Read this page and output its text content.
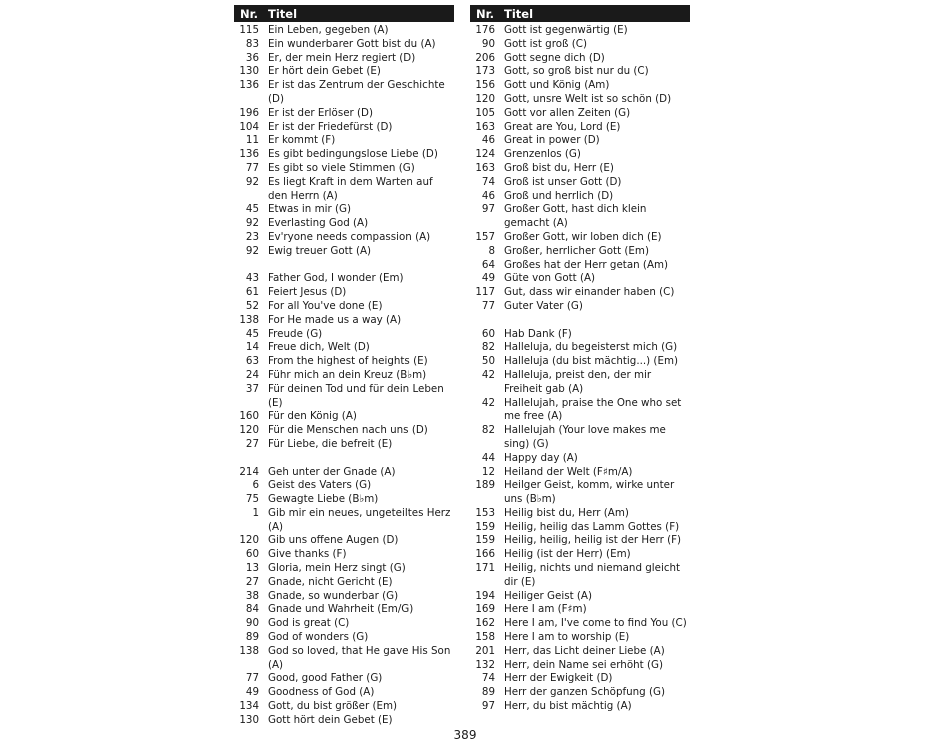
Nr. Titel
115 Ein Leben, gegeben (A)
83 Ein wunderbarer Gott bist du (A)
36 Er, der mein Herz regiert (D)
130 Er hört dein Gebet (E)
136 Er ist das Zentrum der Geschichte (D)
196 Er ist der Erlöser (D)
104 Er ist der Friedefürst (D)
11 Er kommt (F)
136 Es gibt bedingungslose Liebe (D)
77 Es gibt so viele Stimmen (G)
92 Es liegt Kraft in dem Warten auf den Herrn (A)
45 Etwas in mir (G)
92 Everlasting God (A)
23 Ev'ryone needs compassion (A)
92 Ewig treuer Gott (A)
43 Father God, I wonder (Em)
61 Feiert Jesus (D)
52 For all You've done (E)
138 For He made us a way (A)
45 Freude (G)
14 Freue dich, Welt (D)
63 From the highest of heights (E)
24 Führ mich an dein Kreuz (B♭m)
37 Für deinen Tod und für dein Leben (E)
160 Für den König (A)
120 Für die Menschen nach uns (D)
27 Für Liebe, die befreit (E)
214 Geh unter der Gnade (A)
6 Geist des Vaters (G)
75 Gewagte Liebe (B♭m)
1 Gib mir ein neues, ungeteiltes Herz (A)
120 Gib uns offene Augen (D)
60 Give thanks (F)
13 Gloria, mein Herz singt (G)
27 Gnade, nicht Gericht (E)
38 Gnade, so wunderbar (G)
84 Gnade und Wahrheit (Em/G)
90 God is great (C)
89 God of wonders (G)
138 God so loved, that He gave His Son (A)
77 Good, good Father (G)
49 Goodness of God (A)
134 Gott, du bist größer (Em)
130 Gott hört dein Gebet (E)
Nr. Titel
176 Gott ist gegenwärtig (E)
90 Gott ist groß (C)
206 Gott segne dich (D)
173 Gott, so groß bist nur du (C)
156 Gott und König (Am)
120 Gott, unsre Welt ist so schön (D)
105 Gott vor allen Zeiten (G)
163 Great are You, Lord (E)
46 Great in power (D)
124 Grenzenlos (G)
163 Groß bist du, Herr (E)
74 Groß ist unser Gott (D)
46 Groß und herrlich (D)
97 Großer Gott, hast dich klein gemacht (A)
157 Großer Gott, wir loben dich (E)
8 Großer, herrlicher Gott (Em)
64 Großes hat der Herr getan (Am)
49 Güte von Gott (A)
117 Gut, dass wir einander haben (C)
77 Guter Vater (G)
60 Hab Dank (F)
82 Halleluja, du begeisterst mich (G)
50 Halleluja (du bist mächtig...) (Em)
42 Halleluja, preist den, der mir Freiheit gab (A)
42 Hallelujah, praise the One who set me free (A)
82 Hallelujah (Your love makes me sing) (G)
44 Happy day (A)
12 Heiland der Welt (F♯m/A)
189 Heilger Geist, komm, wirke unter uns (B♭m)
153 Heilig bist du, Herr (Am)
159 Heilig, heilig das Lamm Gottes (F)
159 Heilig, heilig, heilig ist der Herr (F)
166 Heilig (ist der Herr) (Em)
171 Heilig, nichts und niemand gleicht dir (E)
194 Heiliger Geist (A)
169 Here I am (F♯m)
162 Here I am, I've come to find You (C)
158 Here I am to worship (E)
201 Herr, das Licht deiner Liebe (A)
132 Herr, dein Name sei erhöht (G)
74 Herr der Ewigkeit (D)
89 Herr der ganzen Schöpfung (G)
97 Herr, du bist mächtig (A)
389
